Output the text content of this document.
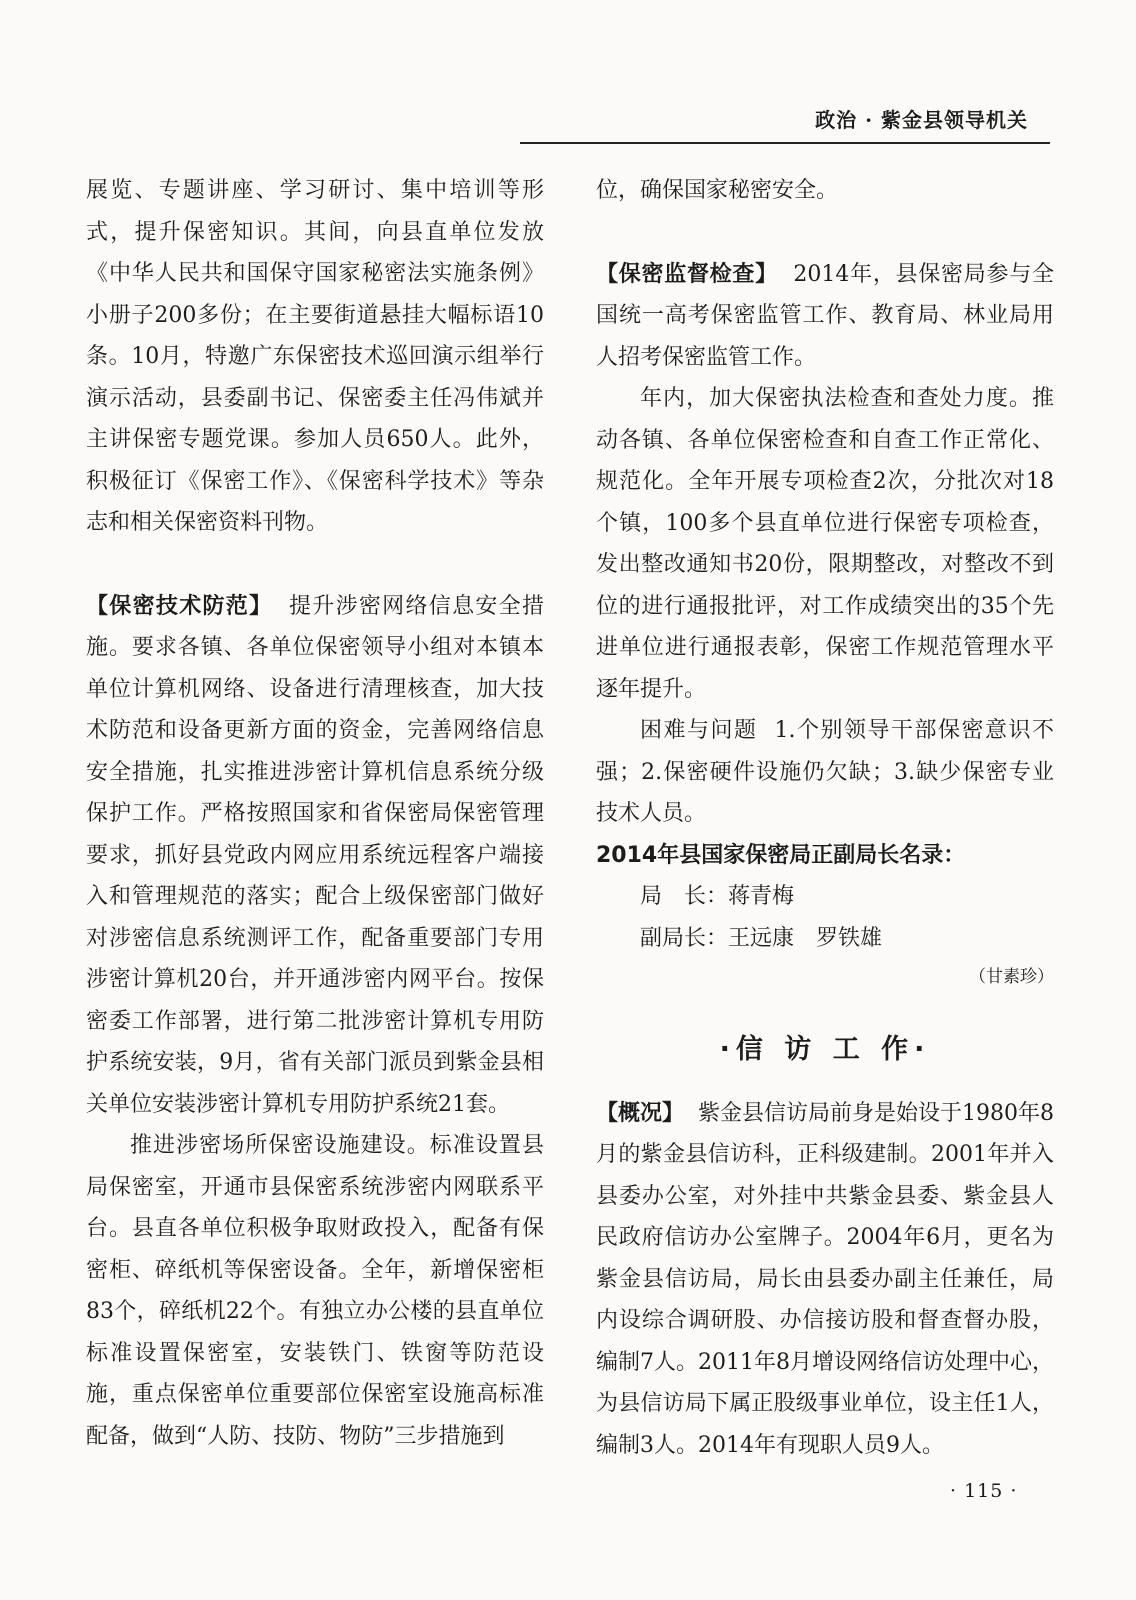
政治 · 紫金县领导机关

展览、专题讲座、学习研讨、集中培训等形式，提升保密知识。其间，向县直单位发放《中华人民共和国保守国家秘密法实施条例》小册子200多份；在主要街道悬挂大幅标语10条。10月，特邀广东保密技术巡回演示组举行演示活动，县委副书记、保密委主任冯伟斌并主讲保密专题党课。参加人员650人。此外，积极征订《保密工作》、《保密科学技术》等杂志和相关保密资料刊物。

【保密技术防范】 提升涉密网络信息安全措施。要求各镇、各单位保密领导小组对本镇本单位计算机网络、设备进行清理核查，加大技术防范和设备更新方面的资金，完善网络信息安全措施，扎实推进涉密计算机信息系统分级保护工作。严格按照国家和省保密局保密管理要求，抓好县党政内网应用系统远程客户端接入和管理规范的落实；配合上级保密部门做好对涉密信息系统测评工作，配备重要部门专用涉密计算机20台，并开通涉密内网平台。按保密委工作部署，进行第二批涉密计算机专用防护系统安装，9月，省有关部门派员到紫金县相关单位安装涉密计算机专用防护系统21套。

推进涉密场所保密设施建设。标准设置县局保密室，开通市县保密系统涉密内网联系平台。县直各单位积极争取财政投入，配备有保密柜、碎纸机等保密设备。全年，新增保密柜83个，碎纸机22个。有独立办公楼的县直单位标准设置保密室，安装铁门、铁窗等防范设施，重点保密单位重要部位保密室设施高标准配备，做到“人防、技防、物防”三步措施到

位，确保国家秘密安全。

【保密监督检查】 2014年，县保密局参与全国统一高考保密监管工作、教育局、林业局用人招考保密监管工作。

年内，加大保密执法检查和查处力度。推动各镇、各单位保密检查和自查工作正常化、规范化。全年开展专项检查2次，分批次对18个镇，100多个县直单位进行保密专项检查，发出整改通知书20份，限期整改，对整改不到位的进行通报批评，对工作成绩突出的35个先进单位进行通报表彰，保密工作规范管理水平逐年提升。

困难与问题 1.个别领导干部保密意识不强；2.保密硬件设施仍欠缺；3.缺少保密专业技术人员。

2014年县国家保密局正副局长名录：

局　长：蒋青梅

副局长：王远康　罗铁雄

（甘素珍）

·信 访 工 作·

【概况】 紫金县信访局前身是始设于1980年8月的紫金县信访科，正科级建制。2001年并入县委办公室，对外挂中共紫金县委、紫金县人民政府信访办公室牌子。2004年6月，更名为紫金县信访局，局长由县委办副主任兼任，局内设综合调研股、办信接访股和督查督办股，编制7人。2011年8月增设网络信访处理中心，为县信访局下属正股级事业单位，设主任1人，编制3人。2014年有现职人员9人。

· 115 ·
